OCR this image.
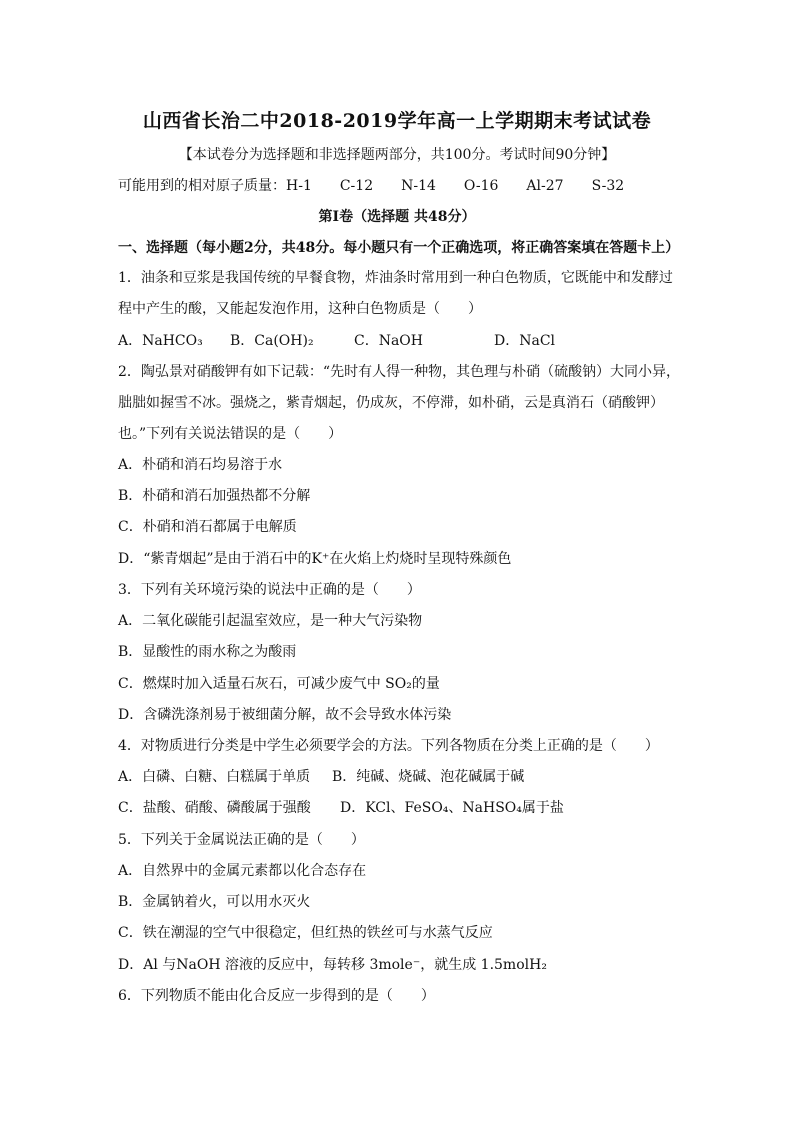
山西省长治二中2018-2019学年高一上学期期末考试试卷
【本试卷分为选择题和非选择题两部分，共100分。考试时间90分钟】
可能用到的相对原子质量：H-1　　C-12　　N-14　　O-16　　Al-27　　S-32
第Ⅰ卷（选择题 共48分）
一、选择题（每小题2分，共48分。每小题只有一个正确选项，将正确答案填在答题卡上）
1．油条和豆浆是我国传统的早餐食物，炸油条时常用到一种白色物质，它既能中和发酵过
程中产生的酸，又能起发泡作用，这种白色物质是（　　）
A．NaHCO₃ B．Ca(OH)₂	C．NaOH	D．NaCl
2．陶弘景对硝酸钾有如下记载：“先时有人得一种物，其色理与朴硝（硫酸钠）大同小异，
朏朏如握雪不冰。强烧之，紫青烟起，仍成灰，不停滞，如朴硝，云是真消石（硝酸钾）
也。”下列有关说法错误的是（　　）
A．朴硝和消石均易溶于水
B．朴硝和消石加强热都不分解
C．朴硝和消石都属于电解质
D．“紫青烟起”是由于消石中的K⁺在火焰上灼烧时呈现特殊颜色
3．下列有关环境污染的说法中正确的是（　　）
A．二氧化碳能引起温室效应，是一种大气污染物
B．显酸性的雨水称之为酸雨
C．燃煤时加入适量石灰石，可减少废气中 SO₂的量
D．含磷洗涤剂易于被细菌分解，故不会导致水体污染
4．对物质进行分类是中学生必须要学会的方法。下列各物质在分类上正确的是（　　）
A．白磷、白糖、白糕属于单质 B．纯碱、烧碱、泡花碱属于碱
C．盐酸、硝酸、磷酸属于强酸 D．KCl、FeSO₄、NaHSO₄属于盐
5．下列关于金属说法正确的是（　　）
A．自然界中的金属元素都以化合态存在
B．金属钠着火，可以用水灭火
C．铁在潮湿的空气中很稳定，但红热的铁丝可与水蒸气反应
D．Al 与NaOH 溶液的反应中，每转移 3mole⁻，就生成 1.5molH₂
6．下列物质不能由化合反应一步得到的是（　　）
